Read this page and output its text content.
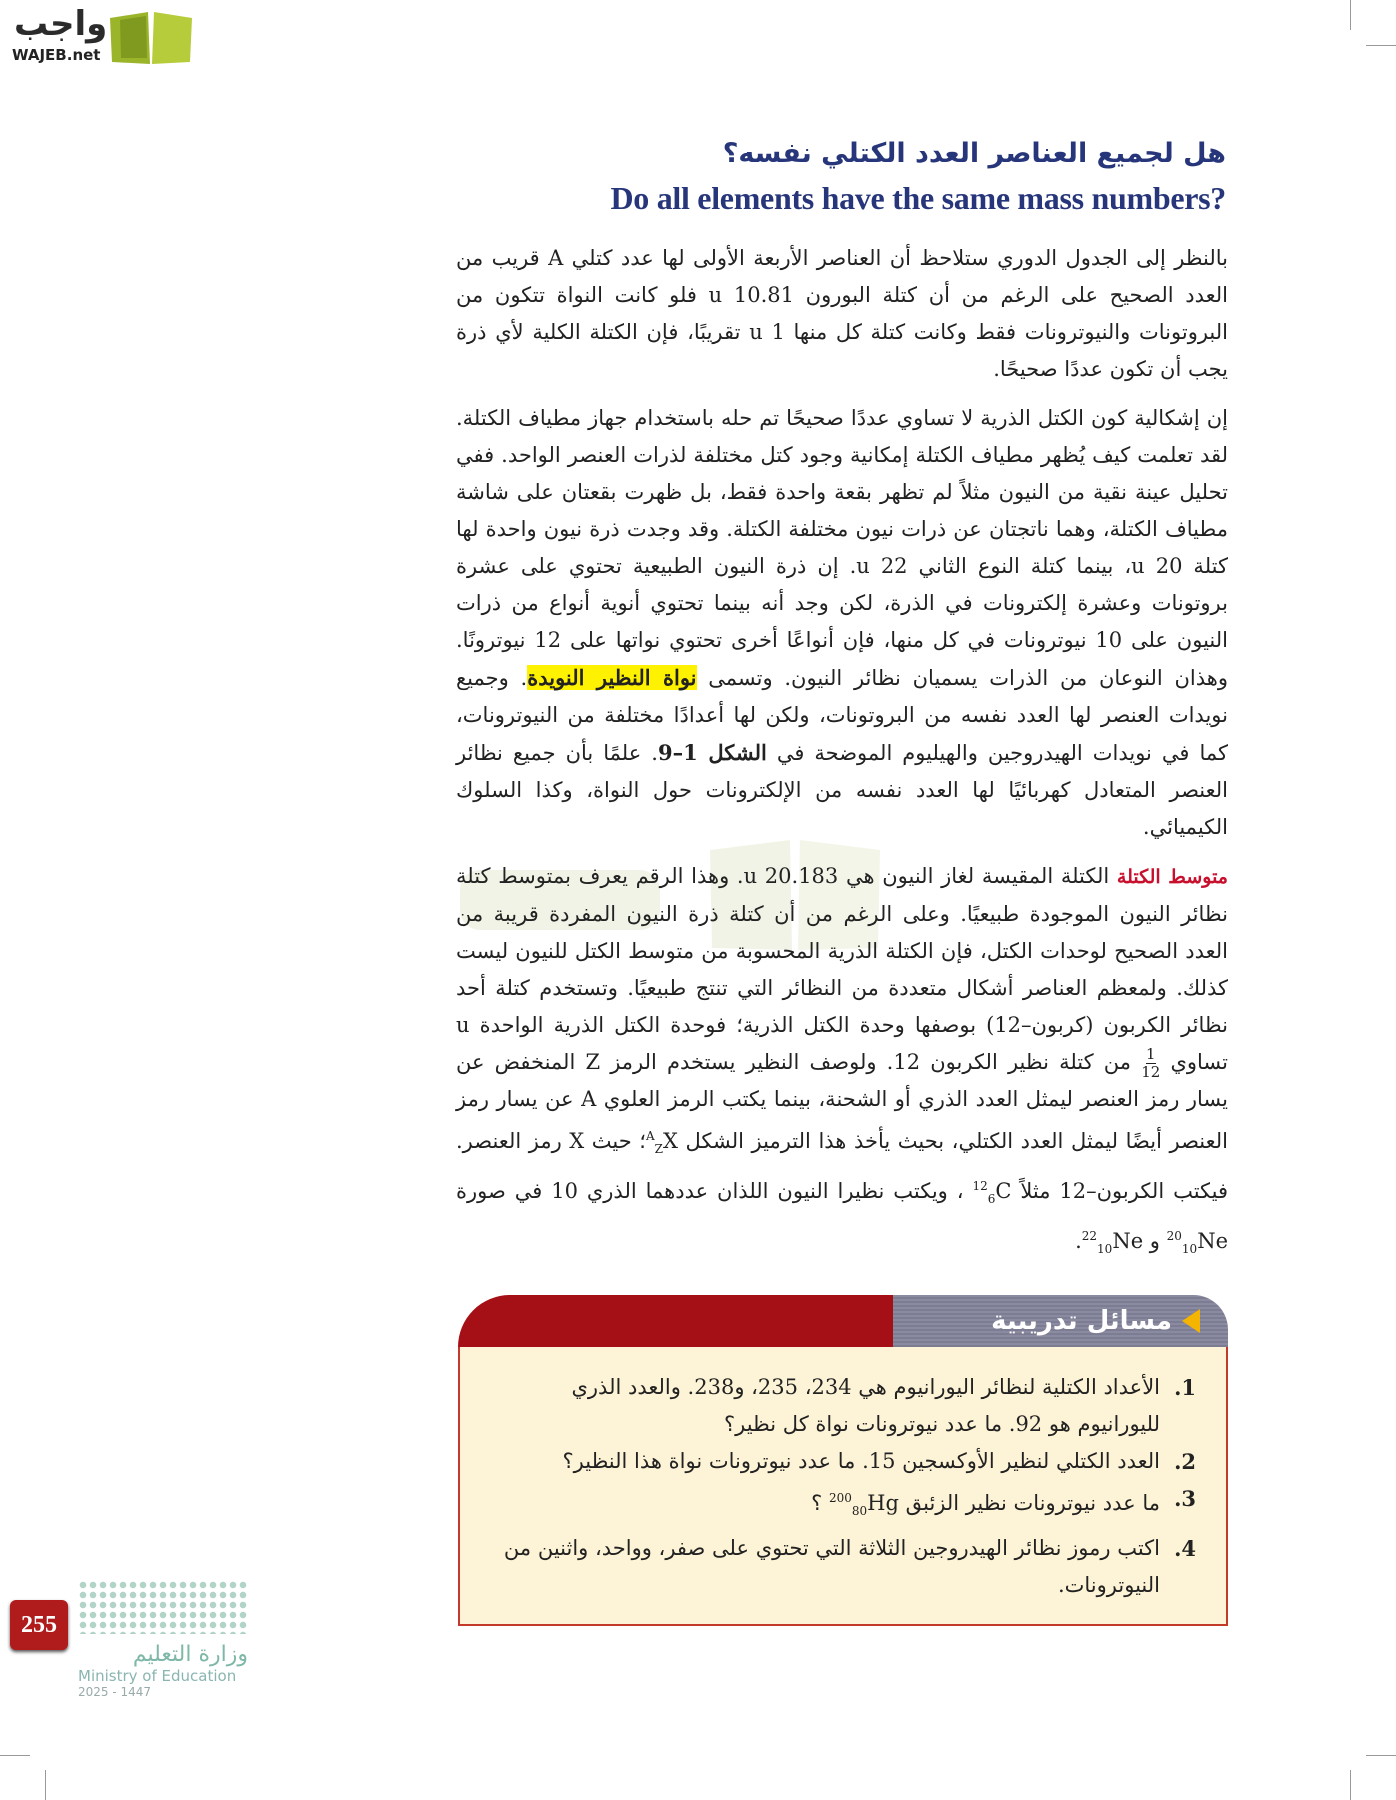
واجب
WAJEB.net
هل لجميع العناصر العدد الكتلي نفسه؟
Do all elements have the same mass numbers?

بالنظر إلى الجدول الدوري ستلاحظ أن العناصر الأربعة الأولى لها عدد كتلي A قريب من العدد الصحيح على الرغم من أن كتلة البورون 10.81 u فلو كانت النواة تتكون من البروتونات والنيوترونات فقط وكانت كتلة كل منها 1 u تقريبًا، فإن الكتلة الكلية لأي ذرة يجب أن تكون عددًا صحيحًا.

إن إشكالية كون الكتل الذرية لا تساوي عددًا صحيحًا تم حله باستخدام جهاز مطياف الكتلة. لقد تعلمت كيف يُظهر مطياف الكتلة إمكانية وجود كتل مختلفة لذرات العنصر الواحد. ففي تحليل عينة نقية من النيون مثلاً لم تظهر بقعة واحدة فقط، بل ظهرت بقعتان على شاشة مطياف الكتلة، وهما ناتجتان عن ذرات نيون مختلفة الكتلة. وقد وجدت ذرة نيون واحدة لها كتلة 20 u، بينما كتلة النوع الثاني 22 u. إن ذرة النيون الطبيعية تحتوي على عشرة بروتونات وعشرة إلكترونات في الذرة، لكن وجد أنه بينما تحتوي أنوية أنواع من ذرات النيون على 10 نيوترونات في كل منها، فإن أنواعًا أخرى تحتوي نواتها على 12 نيوترونًا. وهذان النوعان من الذرات يسميان نظائر النيون. وتسمى نواة النظير النويدة. وجميع نويدات العنصر لها العدد نفسه من البروتونات، ولكن لها أعدادًا مختلفة من النيوترونات، كما في نويدات الهيدروجين والهيليوم الموضحة في الشكل 1–9. علمًا بأن جميع نظائر العنصر المتعادل كهربائيًا لها العدد نفسه من الإلكترونات حول النواة، وكذا السلوك الكيميائي.

متوسط الكتلة الكتلة المقيسة لغاز النيون هي 20.183 u. وهذا الرقم يعرف بمتوسط كتلة نظائر النيون الموجودة طبيعيًا. وعلى الرغم من أن كتلة ذرة النيون المفردة قريبة من العدد الصحيح لوحدات الكتل، فإن الكتلة الذرية المحسوبة من متوسط الكتل للنيون ليست كذلك. ولمعظم العناصر أشكال متعددة من النظائر التي تنتج طبيعيًا. وتستخدم كتلة أحد نظائر الكربون (كربون–12) بوصفها وحدة الكتل الذرية؛ فوحدة الكتل الذرية الواحدة u تساوي
$\frac{1}{12}$
من كتلة نظير الكربون 12. ولوصف النظير يستخدم الرمز Z المنخفض عن يسار رمز العنصر ليمثل العدد الذري أو الشحنة، بينما يكتب الرمز العلوي A عن يسار رمز العنصر أيضًا ليمثل العدد الكتلي، بحيث يأخذ هذا الترميز الشكل $^A_Z$X؛ حيث X رمز العنصر. فيكتب الكربون–12 مثلاً $^{12}_6$C ، ويكتب نظيرا النيون اللذان عددهما الذري 10 في صورة $^{20}_{10}$Ne و $^{22}_{10}$Ne.

مسائل تدريبية
1.
الأعداد الكتلية لنظائر اليورانيوم هي 234، 235، و238. والعدد الذري لليورانيوم هو 92. ما عدد نيوترونات نواة كل نظير؟
2.
العدد الكتلي لنظير الأوكسجين 15. ما عدد نيوترونات نواة هذا النظير؟
3.
ما عدد نيوترونات نظير الزئبق $^{200}_{80}$Hg ؟
4.
اكتب رموز نظائر الهيدروجين الثلاثة التي تحتوي على صفر، وواحد، واثنين من النيوترونات.
وزارة التعليم
Ministry of Education
2025 - 1447
255
